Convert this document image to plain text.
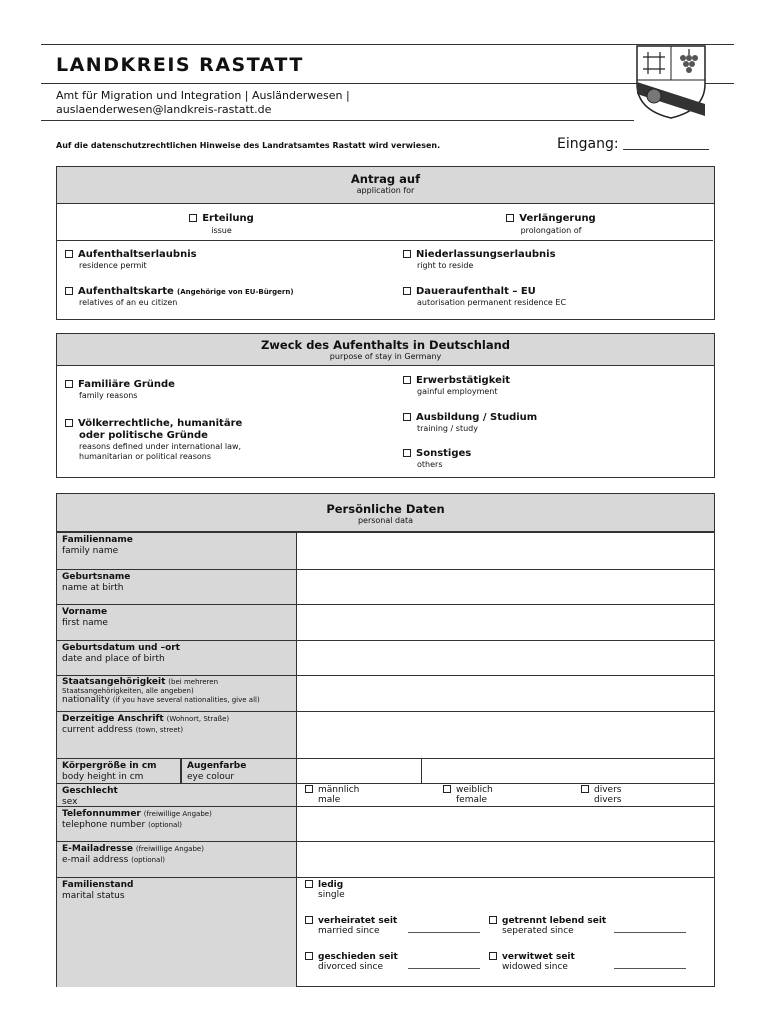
LANDKREIS RASTATT
Amt für Migration und Integration | Ausländerwesen |
auslaenderwesen@landkreis-rastatt.de
Auf die datenschutzrechtlichen Hinweise des Landratsamtes Rastatt wird verwiesen.	Eingang:
Antrag auf
application for
Erteilung
issue
Verlängerung
prolongation of
Aufenthaltserlaubnis
residence permit
Niederlassungserlaubnis
right to reside
Aufenthaltskarte (Angehörige von EU-Bürgern)
relatives of an eu citizen
Daueraufenthalt – EU
autorisation permanent residence EC
Zweck des Aufenthalts in Deutschland
purpose of stay in Germany
Familiäre Gründe
family reasons
Erwerbstätigkeit
gainful employment
Völkerrechtliche, humanitäre
oder politische Gründe
reasons defined under international law,
humanitarian or political reasons
Ausbildung / Studium
training / study
Sonstiges
others
Persönliche Daten
personal data
Familienname
family name
Geburtsname
name at birth
Vorname
first name
Geburtsdatum und –ort
date and place of birth
Staatsangehörigkeit (bei mehreren
Staatsangehörigkeiten, alle angeben)
nationality (if you have several nationalities, give all)
Derzeitige Anschrift (Wohnort, Straße)
current address (town, street)
Körpergröße in cm
body height in cm
Augenfarbe
eye colour
Geschlecht
sex
männlich
male
weiblich
female
divers
divers
Telefonnummer (freiwillige Angabe)
telephone number (optional)
E-Mailadresse (freiwillige Angabe)
e-mail address (optional)
Familienstand
marital status
ledig
single
verheiratet seit
married since
getrennt lebend seit
seperated since
geschieden seit
divorced since
verwitwet seit
widowed since
